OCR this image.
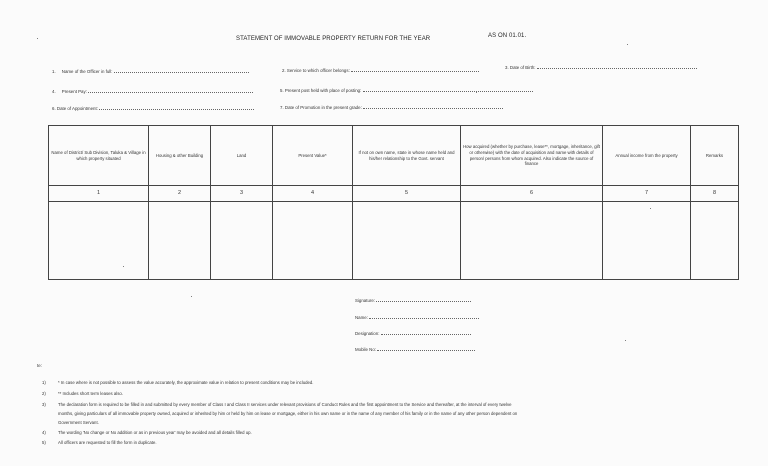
STATEMENT OF IMMOVABLE PROPERTY RETURN FOR THE YEAR	AS ON 01.01.
1. Name of the Officer in full:	2. Service to which officer belongs:
3. Date of Birth:
4. Present Pay:	5. Present post held with place of posting:
6. Date of Appointment:	7. Date of Promotion in the present grade:
Name of District/ Sub Division, Taluka & Village in which property situated	Housing & other Building	Land	Present Value*	If not on own name, state in whose name held and his/her relationship to the Govt. servant	How acquired (whether by purchase, lease**, mortgage, inheritance, gift or otherwise) with the date of acquisition and name with details of person/ persons from whom acquired. Also indicate the source of finance	Annual income from the property	Remarks
1	2	3	4	5	6	7	8

Signature:
Name:
Designation:
Mobile No:
te:
1)	* In case where is not possible to assess the value accurately, the approximate value in relation to present conditions may be included.
2)	** Includes short term leases also.
3)	The declaration form is required to be filled in and submitted by every member of Class I and Class II services under relevant provisions of Conduct Rules and the first appointment to the Service and thereafter, at the interval of every twelve
months, giving particulars of all immovable property owned, acquired or inherited by him or held by him on lease or mortgage, either in his own name or in the name of any member of his family or in the name of any other person dependent on
Government Servant.
4)	The wording 'No change or No addition or as in previous year' may be avoided and all details filled up.
5)	All officers are requested to fill the form in duplicate.
